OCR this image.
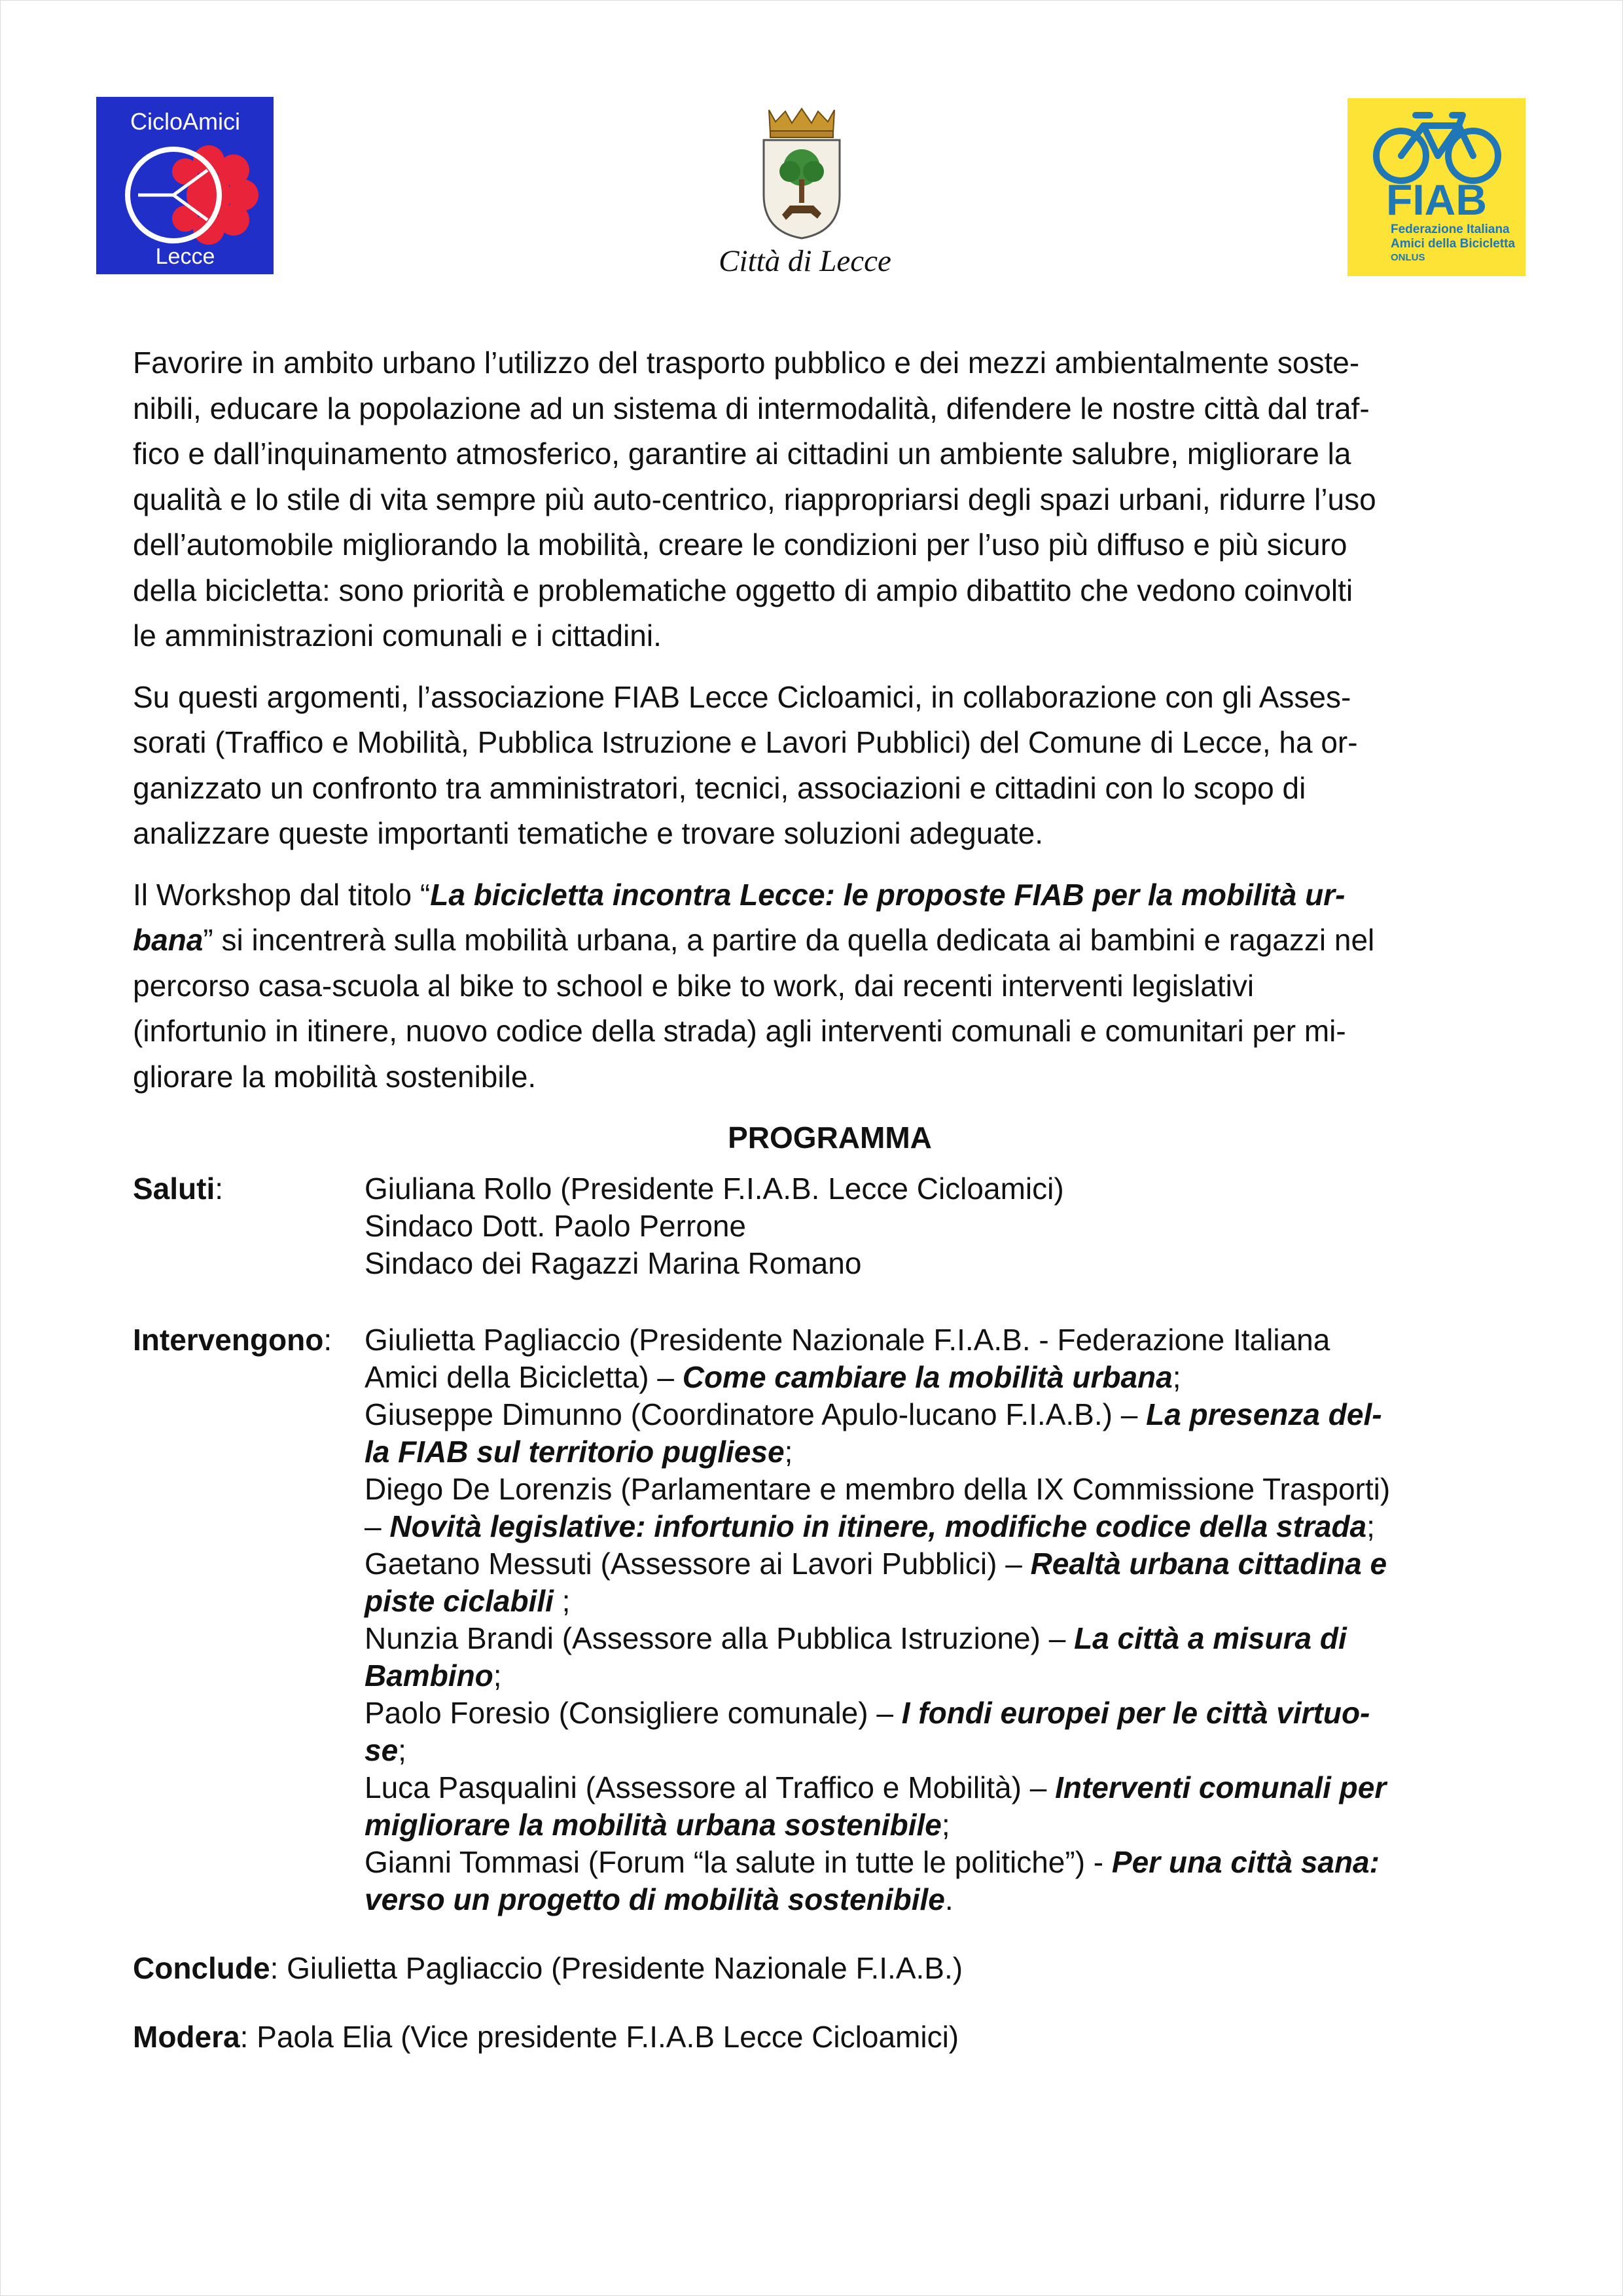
CicloAmici
Lecce	Città di Lecce
FIAB
Federazione Italiana
Amici della Bicicletta
ONLUS

Favorire in ambito urbano l’utilizzo del trasporto pubblico e dei mezzi ambientalmente soste-
nibili, educare la popolazione ad un sistema di intermodalità, difendere le nostre città dal traf-
fico e dall’inquinamento atmosferico, garantire ai cittadini un ambiente salubre, migliorare la
qualità e lo stile di vita sempre più auto-centrico, riappropriarsi degli spazi urbani, ridurre l’uso
dell’automobile migliorando la mobilità, creare le condizioni per l’uso più diffuso e più sicuro
della bicicletta: sono priorità e problematiche oggetto di ampio dibattito che vedono coinvolti
le amministrazioni comunali e i cittadini.

Su questi argomenti, l’associazione FIAB Lecce Cicloamici, in collaborazione con gli Asses-
sorati (Traffico e Mobilità, Pubblica Istruzione e Lavori Pubblici) del Comune di Lecce, ha or-
ganizzato un confronto tra amministratori, tecnici, associazioni e cittadini con lo scopo di
analizzare queste importanti tematiche e trovare soluzioni adeguate.

Il Workshop dal titolo “La bicicletta incontra Lecce: le proposte FIAB per la mobilità ur-
bana” si incentrerà sulla mobilità urbana, a partire da quella dedicata ai bambini e ragazzi nel
percorso casa-scuola al bike to school e bike to work, dai recenti interventi legislativi
(infortunio in itinere, nuovo codice della strada) agli interventi comunali e comunitari per mi-
gliorare la mobilità sostenibile.

PROGRAMMA
Saluti:	Giuliana Rollo (Presidente F.I.A.B. Lecce Cicloamici)
Sindaco Dott. Paolo Perrone
Sindaco dei Ragazzi Marina Romano
Intervengono:	Giulietta Pagliaccio (Presidente Nazionale F.I.A.B. - Federazione Italiana
Amici della Bicicletta) – Come cambiare la mobilità urbana;
Giuseppe Dimunno (Coordinatore Apulo-lucano F.I.A.B.) – La presenza del-
la FIAB sul territorio pugliese;
Diego De Lorenzis (Parlamentare e membro della IX Commissione Trasporti)
– Novità legislative: infortunio in itinere, modifiche codice della strada;
Gaetano Messuti (Assessore ai Lavori Pubblici) – Realtà urbana cittadina e
piste ciclabili ;
Nunzia Brandi (Assessore alla Pubblica Istruzione) – La città a misura di
Bambino;
Paolo Foresio (Consigliere comunale) – I fondi europei per le città virtuo-
se;
Luca Pasqualini (Assessore al Traffico e Mobilità) – Interventi comunali per
migliorare la mobilità urbana sostenibile;
Gianni Tommasi (Forum “la salute in tutte le politiche”) - Per una città sana:
verso un progetto di mobilità sostenibile.
Conclude: Giulietta Pagliaccio (Presidente Nazionale F.I.A.B.)
Modera: Paola Elia (Vice presidente F.I.A.B Lecce Cicloamici)
